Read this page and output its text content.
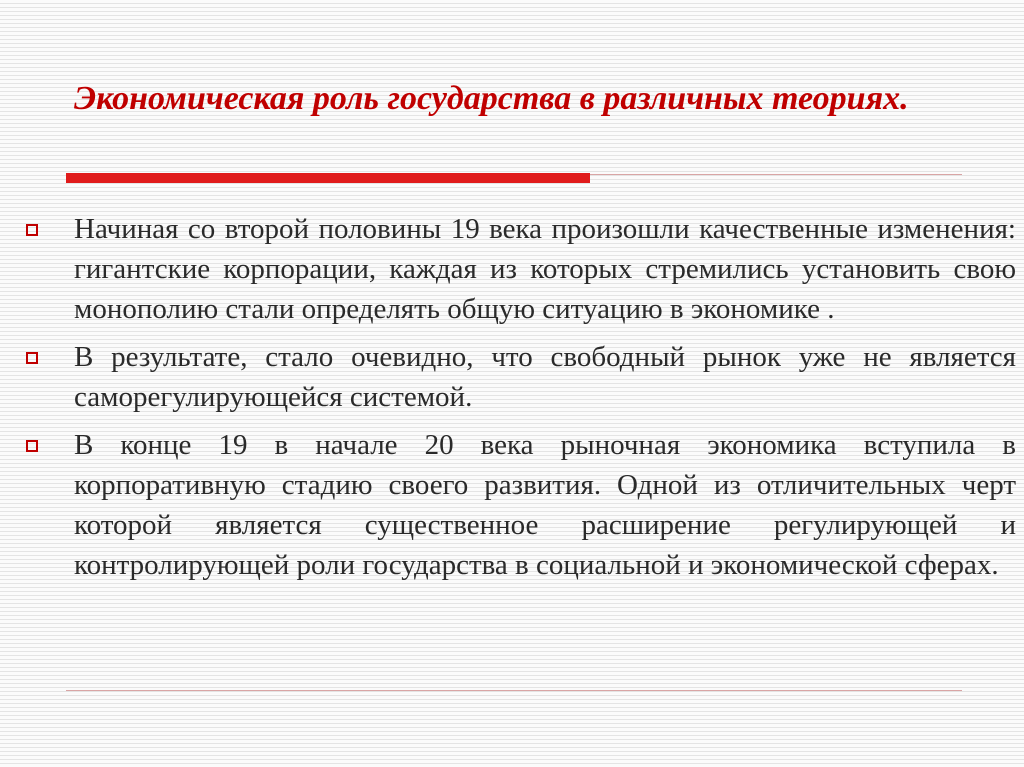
Экономическая роль государства в различных теориях.
Начиная со второй половины 19 века произошли качественные изменения: гигантские корпорации, каждая из которых стремились установить свою монополию стали определять общую ситуацию в экономике .
В результате, стало очевидно, что свободный рынок уже не является саморегулирующейся системой.
В конце 19 в начале 20 века рыночная экономика вступила в корпоративную стадию своего развития. Одной из отличительных черт которой является существенное расширение регулирующей и контролирующей роли государства в социальной и экономической сферах.
